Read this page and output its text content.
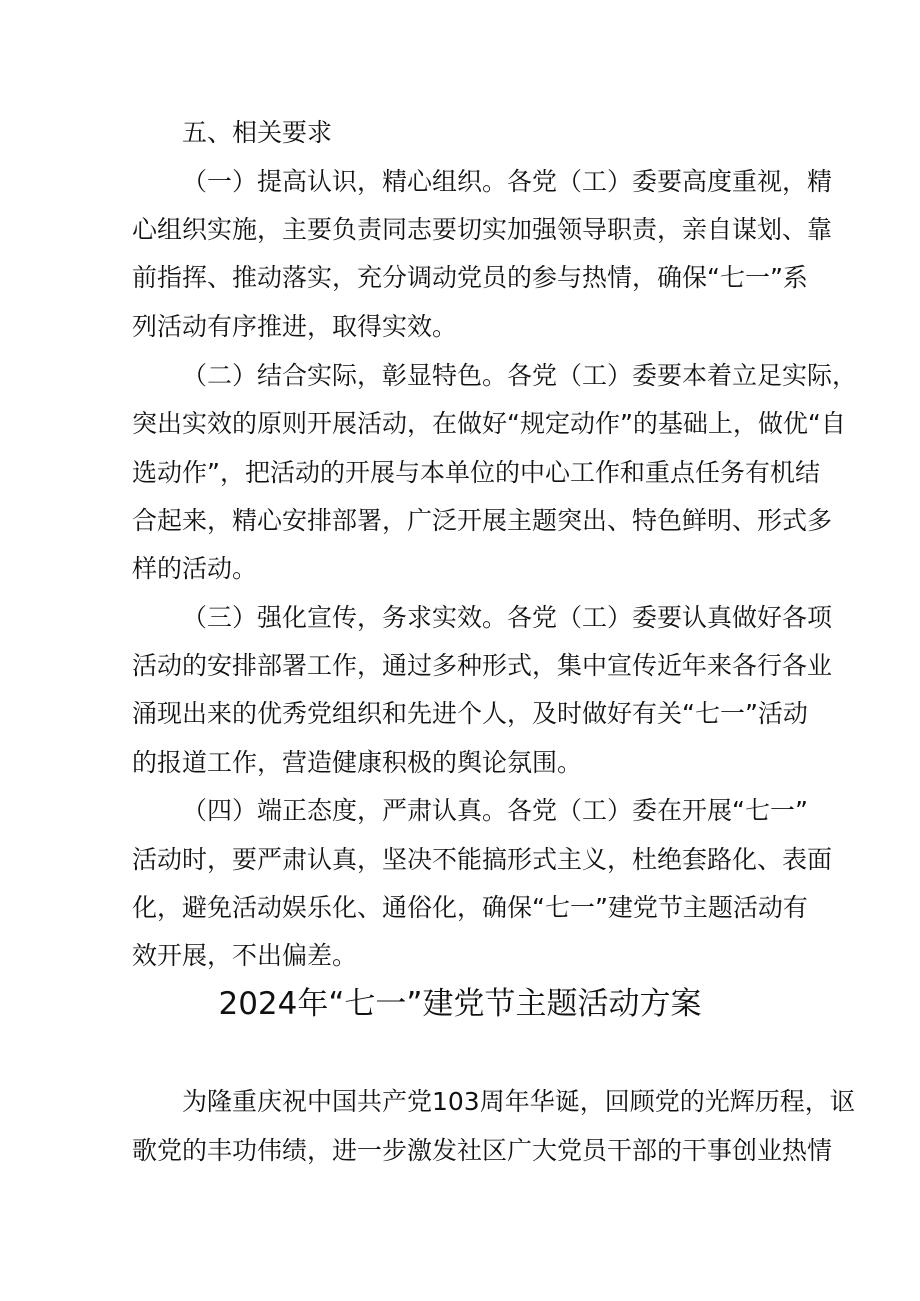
五、相关要求

（一）提高认识，精心组织。各党（工）委要高度重视，精

心组织实施，主要负责同志要切实加强领导职责，亲自谋划、靠

前指挥、推动落实，充分调动党员的参与热情，确保“七一”系

列活动有序推进，取得实效。

（二）结合实际，彰显特色。各党（工）委要本着立足实际，

突出实效的原则开展活动，在做好“规定动作”的基础上，做优“自

选动作”，把活动的开展与本单位的中心工作和重点任务有机结

合起来，精心安排部署，广泛开展主题突出、特色鲜明、形式多

样的活动。

（三）强化宣传，务求实效。各党（工）委要认真做好各项

活动的安排部署工作，通过多种形式，集中宣传近年来各行各业

涌现出来的优秀党组织和先进个人，及时做好有关“七一”活动

的报道工作，营造健康积极的舆论氛围。

（四）端正态度，严肃认真。各党（工）委在开展“七一”

活动时，要严肃认真，坚决不能搞形式主义，杜绝套路化、表面

化，避免活动娱乐化、通俗化，确保“七一”建党节主题活动有

效开展，不出偏差。

2024年“七一”建党节主题活动方案

为隆重庆祝中国共产党103周年华诞，回顾党的光辉历程，讴

歌党的丰功伟绩，进一步激发社区广大党员干部的干事创业热情
